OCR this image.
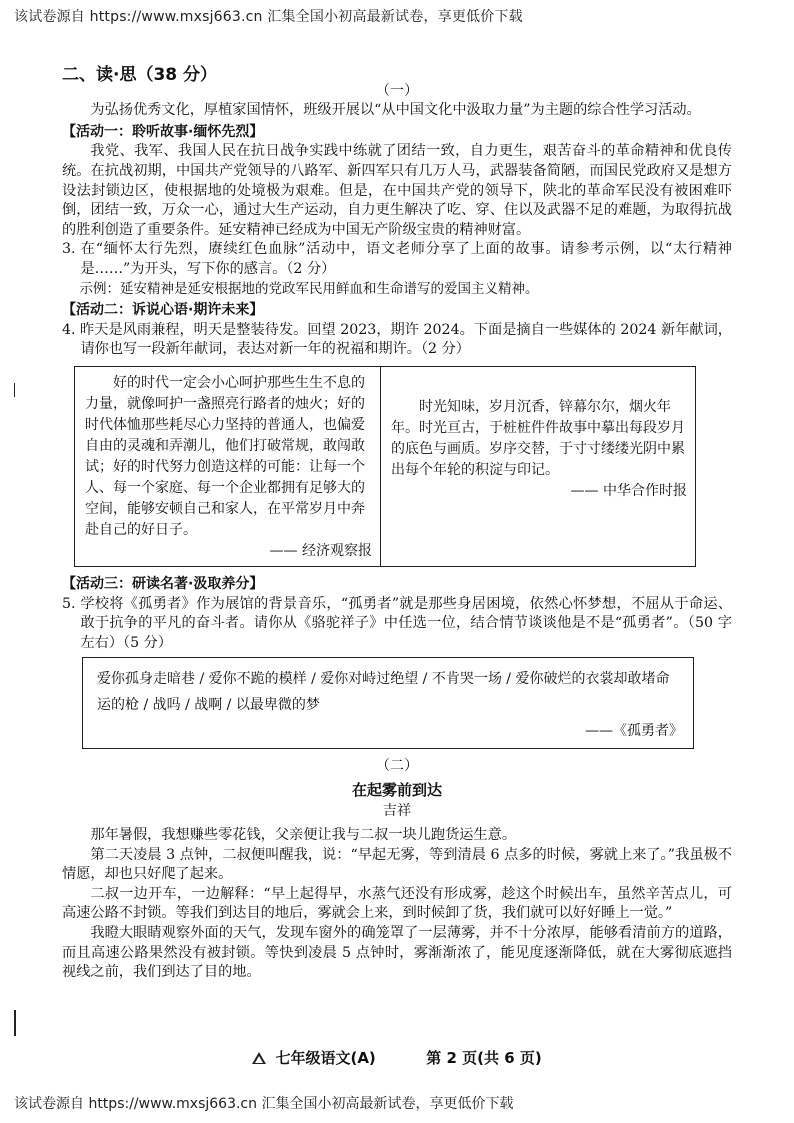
该试卷源自 https://www.mxsj663.cn 汇集全国小初高最新试卷，享更低价下载
二、读·思（38 分）
（一）

为弘扬优秀文化，厚植家国情怀，班级开展以“从中国文化中汲取力量”为主题的综合性学习活动。

【活动一：聆听故事·缅怀先烈】

我党、我军、我国人民在抗日战争实践中练就了团结一致，自力更生，艰苦奋斗的革命精神和优良传统。在抗战初期，中国共产党领导的八路军、新四军只有几万人马，武器装备简陋，而国民党政府又是想方设法封锁边区，使根据地的处境极为艰难。但是，在中国共产党的领导下，陕北的革命军民没有被困难吓倒，团结一致，万众一心，通过大生产运动，自力更生解决了吃、穿、住以及武器不足的难题，为取得抗战的胜利创造了重要条件。延安精神已经成为中国无产阶级宝贵的精神财富。

3. 在“缅怀太行先烈，赓续红色血脉”活动中，语文老师分享了上面的故事。请参考示例，以“太行精神是……”为开头，写下你的感言。（2 分）

示例：延安精神是延安根据地的党政军民用鲜血和生命谱写的爱国主义精神。

【活动二：诉说心语·期许未来】

4. 昨天是风雨兼程，明天是整装待发。回望 2023，期许 2024。下面是摘自一些媒体的 2024 新年献词，请你也写一段新年献词，表达对新一年的祝福和期许。（2 分）

好的时代一定会小心呵护那些生生不息的力量，就像呵护一盏照亮行路者的烛火；好的时代体恤那些耗尽心力坚持的普通人，也偏爱自由的灵魂和弄潮儿，他们打破常规，敢闯敢试；好的时代努力创造这样的可能：让每一个人、每一个家庭、每一个企业都拥有足够大的空间，能够安顿自己和家人，在平常岁月中奔赴自己的好日子。

—— 经济观察报

时光知味，岁月沉香，锌幕尔尔，烟火年年。时光亘古，于桩桩件件故事中摹出每段岁月的底色与画质。岁序交替，于寸寸缕缕光阴中累出每个年轮的积淀与印记。

—— 中华合作时报

【活动三：研读名著·汲取养分】

5. 学校将《孤勇者》作为展馆的背景音乐，“孤勇者”就是那些身居困境，依然心怀梦想，不屈从于命运、敢于抗争的平凡的奋斗者。请你从《骆驼祥子》中任选一位，结合情节谈谈他是不是“孤勇者”。（50 字左右）（5 分）

爱你孤身走暗巷 / 爱你不跪的模样 / 爱你对峙过绝望 / 不肯哭一场 / 爱你破烂的衣裳却敢堵命运的枪 / 战吗 / 战啊 / 以最卑微的梦
——《孤勇者》
（二）
在起雾前到达
吉祥

那年暑假，我想赚些零花钱，父亲便让我与二叔一块儿跑货运生意。

第二天凌晨 3 点钟，二叔便叫醒我，说：“早起无雾，等到清晨 6 点多的时候，雾就上来了。”我虽极不情愿，却也只好爬了起来。

二叔一边开车，一边解释：“早上起得早，水蒸气还没有形成雾，趁这个时候出车，虽然辛苦点儿，可高速公路不封锁。等我们到达目的地后，雾就会上来，到时候卸了货，我们就可以好好睡上一觉。”

我瞪大眼睛观察外面的天气，发现车窗外的确笼罩了一层薄雾，并不十分浓厚，能够看清前方的道路，而且高速公路果然没有被封锁。等快到凌晨 5 点钟时，雾渐渐浓了，能见度逐渐降低，就在大雾彻底遮挡视线之前，我们到达了目的地。

七年级语文(A)	第 2 页(共 6 页)
该试卷源自 https://www.mxsj663.cn 汇集全国小初高最新试卷，享更低价下载
